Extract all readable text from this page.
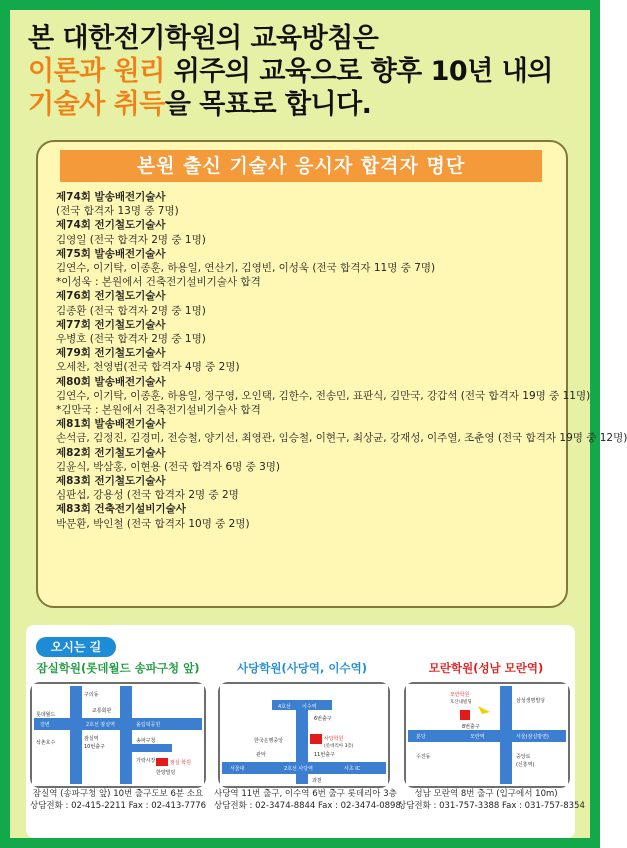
본 대한전기학원의 교육방침은
이론과 원리 위주의 교육으로 향후 10년 내의
기술사 취득을 목표로 합니다.
본원 출신 기술사 응시자 합격자 명단
제74회 발송배전기술사
(전국 합격자 13명 중 7명)
제74회 전기철도기술사
김영일 (전국 합격자 2명 중 1명)
제75회 발송배전기술사
김연수, 이기탁, 이종훈, 하용일, 연산기, 김영빈, 이성욱 (전국 합격자 11명 중 7명)
*이성욱 : 본원에서 건축전기설비기술사 합격
제76회 전기철도기술사
김종환 (전국 합격자 2명 중 1명)
제77회 전기철도기술사
우병호 (전국 합격자 2명 중 1명)
제79회 전기철도기술사
오세찬, 천영범(전국 합격자 4명 중 2명)
제80회 발송배전기술사
김연수, 이기탁, 이종훈, 하용일, 정구영, 오인택, 김한수, 전송민, 표판식, 김만국, 강갑석 (전국 합격자 19명 중 11명)
*김만국 : 본원에서 건축전기설비기술사 합격
제81회 발송배전기술사
손석금, 김정진, 김경미, 전승철, 양기선, 최영관, 임승철, 이현구, 최상균, 강재성, 이주열, 조춘영 (전국 합격자 19명 중 12명)
제82회 전기철도기술사
김윤식, 박삼홍, 이현용 (전국 합격자 6명 중 3명)
제83회 전기철도기술사
심판섭, 강용성 (전국 합격자 2명 중 2명
제83회 건축전기설비기술사
박문환, 박인철 (전국 합격자 10명 중 2명)
오시는 길
잠실학원(롯데월드 송파구청 앞)
롯데월드
구의동
교통회관
올림픽공원
강변	2호선 잠실역
잠실역
10번출구
석촌호수	송파구청
가락시장	잠실 학원
한양빌딩
잠실역 (송파구청 앞) 10번 출구도보 6분 소요
상담전화 : 02-415-2211 Fax : 02-413-7776
사당학원(사당역, 이수역)
4호선 이수역
6번출구
사당학원
(롯데리아 3층)
11번출구
한국은행중앙
관악
서울대	2호선 사당역	서초 IC
과천
사당역 11번 출구, 이수역 6번 출구 롯데리아 3층
상담전화 : 02-3474-8844 Fax : 02-3474-0898
모란학원(성남 모란역)
모란학원
호산내빌딩	삼성생명빌딩
8번출구
분당	모란역	서울(잠실방면)
중앙로
(신흥역)
수진동
성남 모란역 8번 출구 (입구에서 10m)
상담전화 : 031-757-3388 Fax : 031-757-8354
